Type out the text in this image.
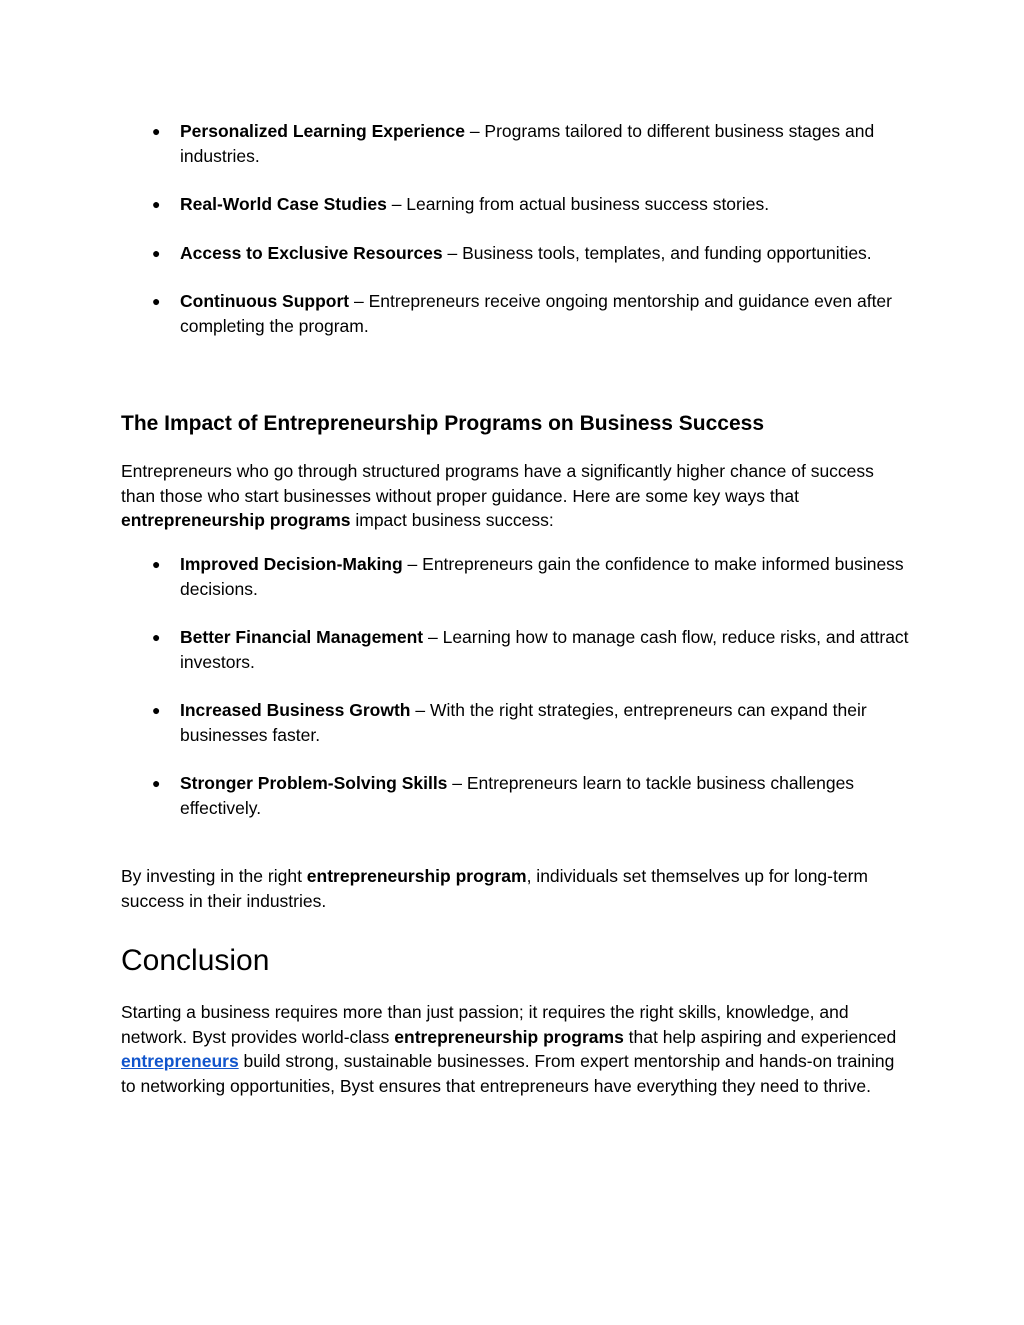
● Personalized Learning Experience – Programs tailored to different business stages and industries.
● Real-World Case Studies – Learning from actual business success stories.
● Access to Exclusive Resources – Business tools, templates, and funding opportunities.
● Continuous Support – Entrepreneurs receive ongoing mentorship and guidance even after completing the program.
The Impact of Entrepreneurship Programs on Business Success

Entrepreneurs who go through structured programs have a significantly higher chance of success than those who start businesses without proper guidance. Here are some key ways that entrepreneurship programs impact business success:

● Improved Decision-Making – Entrepreneurs gain the confidence to make informed business decisions.
● Better Financial Management – Learning how to manage cash flow, reduce risks, and attract investors.
● Increased Business Growth – With the right strategies, entrepreneurs can expand their businesses faster.
● Stronger Problem-Solving Skills – Entrepreneurs learn to tackle business challenges effectively.

By investing in the right entrepreneurship program, individuals set themselves up for long-term success in their industries.

Conclusion

Starting a business requires more than just passion; it requires the right skills, knowledge, and network. Byst provides world-class entrepreneurship programs that help aspiring and experienced entrepreneurs build strong, sustainable businesses. From expert mentorship and hands-on training to networking opportunities, Byst ensures that entrepreneurs have everything they need to thrive.
